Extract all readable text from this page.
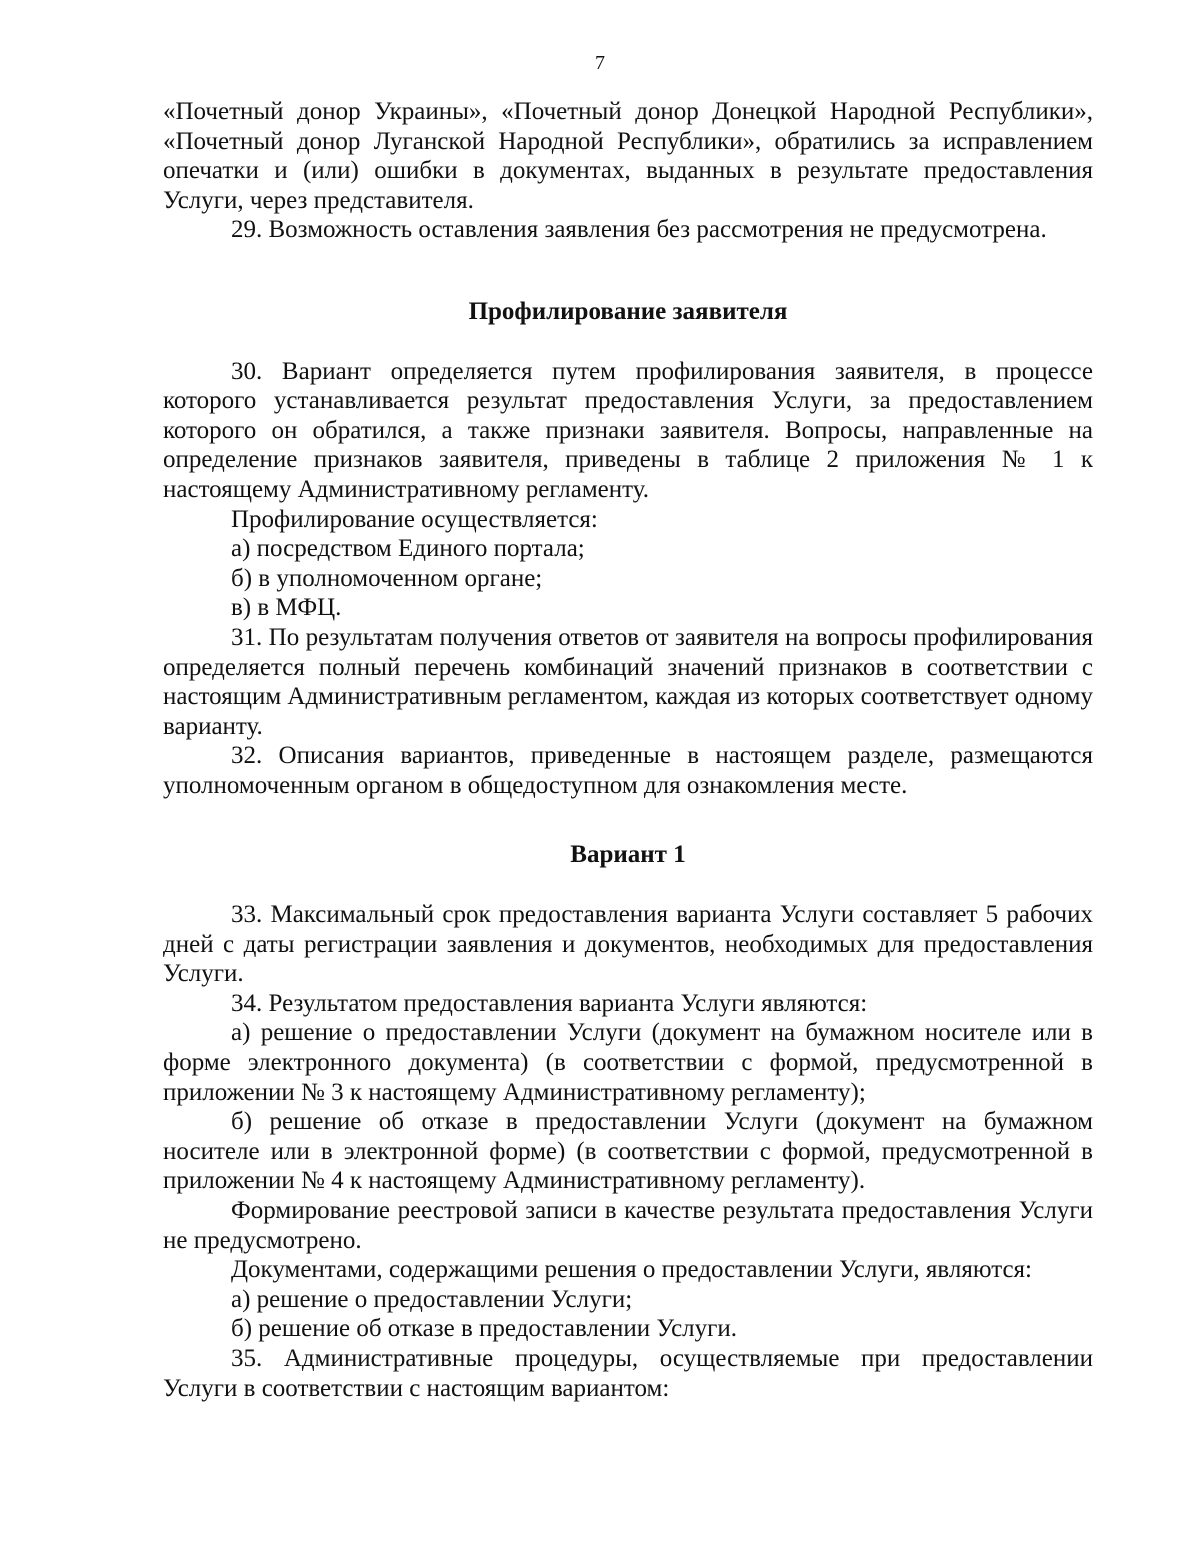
7

«Почетный донор Украины», «Почетный донор Донецкой Народной Республики», «Почетный донор Луганской Народной Республики», обратились за исправлением опечатки и (или) ошибки в документах, выданных в результате предоставления Услуги, через представителя.

29. Возможность оставления заявления без рассмотрения не предусмотрена.

Профилирование заявителя

30. Вариант определяется путем профилирования заявителя, в процессе которого устанавливается результат предоставления Услуги, за предоставлением которого он обратился, а также признаки заявителя. Вопросы, направленные на определение признаков заявителя, приведены в таблице 2 приложения № 1 к настоящему Административному регламенту.

Профилирование осуществляется:

а) посредством Единого портала;

б) в уполномоченном органе;

в) в МФЦ.

31. По результатам получения ответов от заявителя на вопросы профилирования определяется полный перечень комбинаций значений признаков в соответствии с настоящим Административным регламентом, каждая из которых соответствует одному варианту.

32. Описания вариантов, приведенные в настоящем разделе, размещаются уполномоченным органом в общедоступном для ознакомления месте.

Вариант 1

33. Максимальный срок предоставления варианта Услуги составляет 5 рабочих дней с даты регистрации заявления и документов, необходимых для предоставления Услуги.

34. Результатом предоставления варианта Услуги являются:

а) решение о предоставлении Услуги (документ на бумажном носителе или в форме электронного документа) (в соответствии с формой, предусмотренной в приложении № 3 к настоящему Административному регламенту);

б) решение об отказе в предоставлении Услуги (документ на бумажном носителе или в электронной форме) (в соответствии с формой, предусмотренной в приложении № 4 к настоящему Административному регламенту).

Формирование реестровой записи в качестве результата предоставления Услуги не предусмотрено.

Документами, содержащими решения о предоставлении Услуги, являются:

а) решение о предоставлении Услуги;

б) решение об отказе в предоставлении Услуги.

35. Административные процедуры, осуществляемые при предоставлении Услуги в соответствии с настоящим вариантом:
